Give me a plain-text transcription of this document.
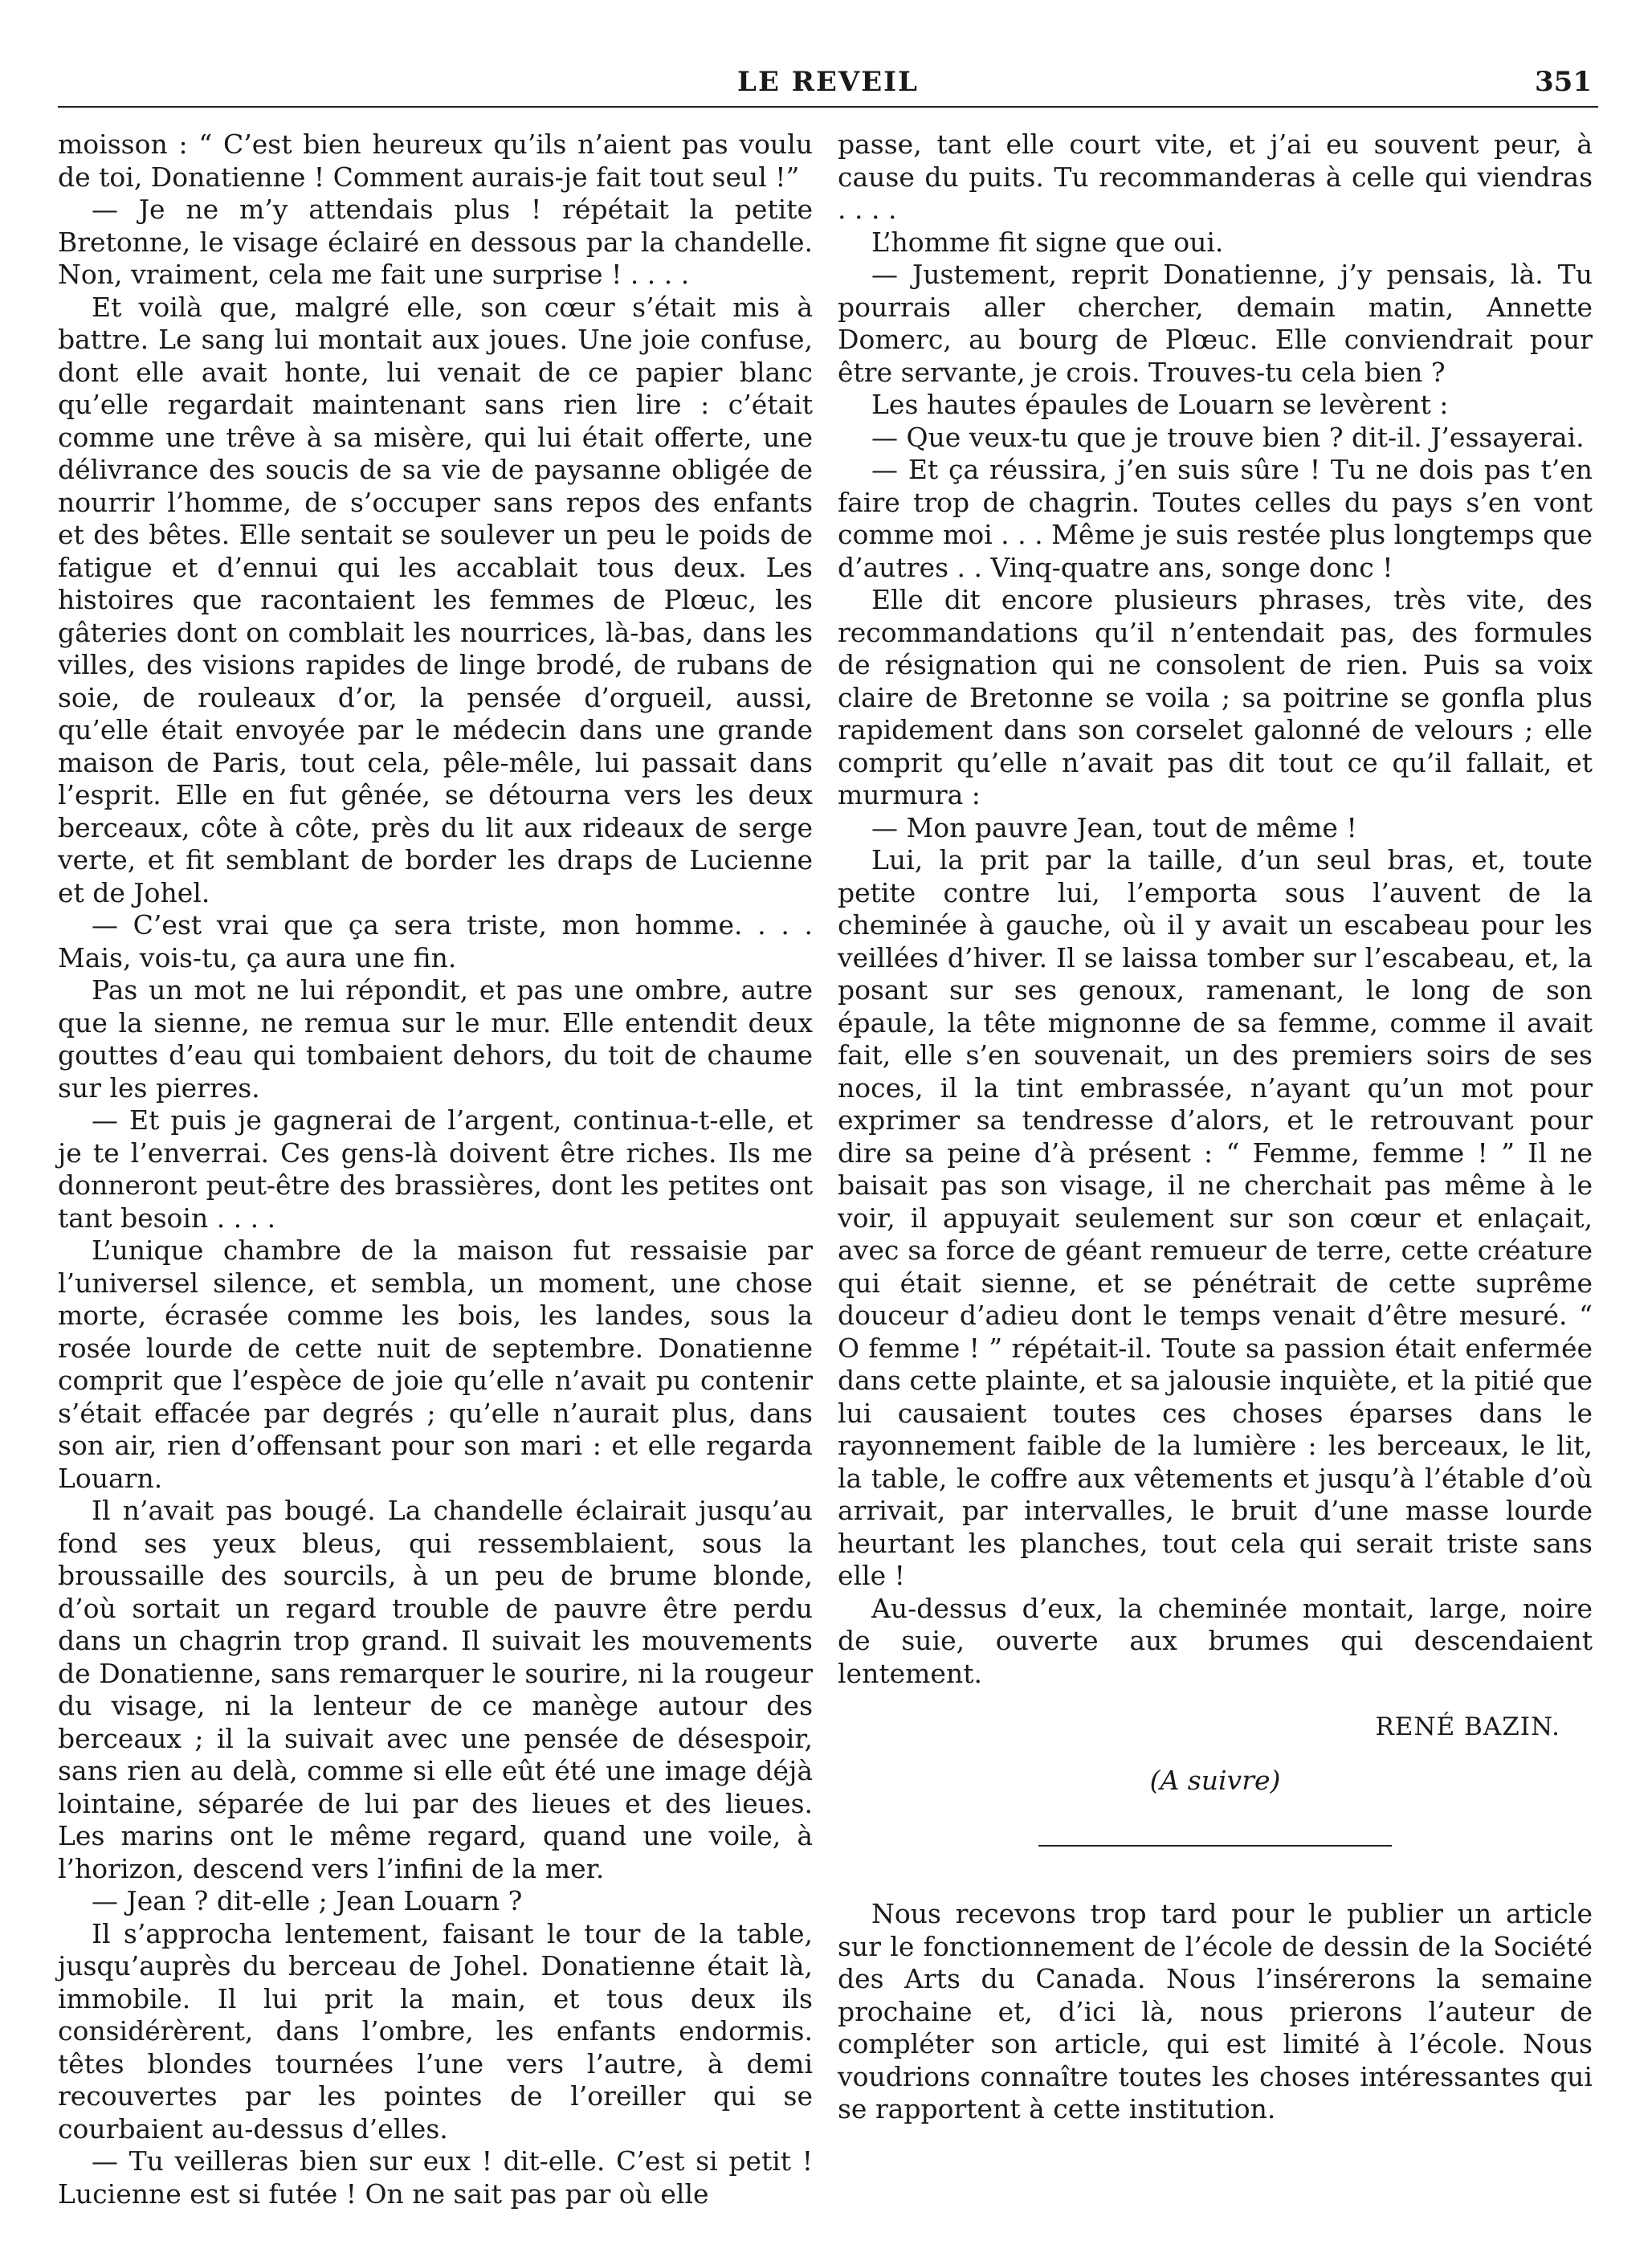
LE REVEIL	351

moisson : “ C’est bien heureux qu’ils n’aient pas voulu de toi, Donatienne ! Comment aurais-je fait tout seul !”

— Je ne m’y attendais plus ! répétait la petite Bretonne, le visage éclairé en dessous par la chandelle. Non, vraiment, cela me fait une surprise ! . . . .

Et voilà que, malgré elle, son cœur s’était mis à battre. Le sang lui montait aux joues. Une joie confuse, dont elle avait honte, lui venait de ce papier blanc qu’elle regardait maintenant sans rien lire : c’était comme une trêve à sa misère, qui lui était offerte, une délivrance des soucis de sa vie de paysanne obligée de nourrir l’homme, de s’occuper sans repos des enfants et des bêtes. Elle sentait se soulever un peu le poids de fatigue et d’ennui qui les accablait tous deux. Les histoires que racontaient les femmes de Plœuc, les gâteries dont on comblait les nourrices, là-bas, dans les villes, des visions rapides de linge brodé, de rubans de soie, de rouleaux d’or, la pensée d’orgueil, aussi, qu’elle était envoyée par le médecin dans une grande maison de Paris, tout cela, pêle-mêle, lui passait dans l’esprit. Elle en fut gênée, se détourna vers les deux berceaux, côte à côte, près du lit aux rideaux de serge verte, et fit semblant de border les draps de Lucienne et de Johel.

— C’est vrai que ça sera triste, mon homme. . . . Mais, vois-tu, ça aura une fin.

Pas un mot ne lui répondit, et pas une ombre, autre que la sienne, ne remua sur le mur. Elle entendit deux gouttes d’eau qui tombaient dehors, du toit de chaume sur les pierres.

— Et puis je gagnerai de l’argent, continua-t-elle, et je te l’enverrai. Ces gens-là doivent être riches. Ils me donneront peut-être des brassières, dont les petites ont tant besoin . . . .

L’unique chambre de la maison fut ressaisie par l’universel silence, et sembla, un moment, une chose morte, écrasée comme les bois, les landes, sous la rosée lourde de cette nuit de septembre. Donatienne comprit que l’espèce de joie qu’elle n’avait pu contenir s’était effacée par degrés ; qu’elle n’aurait plus, dans son air, rien d’offensant pour son mari : et elle regarda Louarn.

Il n’avait pas bougé. La chandelle éclairait jusqu’au fond ses yeux bleus, qui ressemblaient, sous la broussaille des sourcils, à un peu de brume blonde, d’où sortait un regard trouble de pauvre être perdu dans un chagrin trop grand. Il suivait les mouvements de Donatienne, sans remarquer le sourire, ni la rougeur du visage, ni la lenteur de ce manège autour des berceaux ; il la suivait avec une pensée de désespoir, sans rien au delà, comme si elle eût été une image déjà lointaine, séparée de lui par des lieues et des lieues. Les marins ont le même regard, quand une voile, à l’horizon, descend vers l’infini de la mer.

— Jean ? dit-elle ; Jean Louarn ?

Il s’approcha lentement, faisant le tour de la table, jusqu’auprès du berceau de Johel. Donatienne était là, immobile. Il lui prit la main, et tous deux ils considérèrent, dans l’ombre, les enfants endormis. têtes blondes tournées l’une vers l’autre, à demi recouvertes par les pointes de l’oreiller qui se courbaient au-dessus d’elles.

— Tu veilleras bien sur eux ! dit-elle. C’est si petit ! Lucienne est si futée ! On ne sait pas par où elle

passe, tant elle court vite, et j’ai eu souvent peur, à cause du puits. Tu recommanderas à celle qui viendras . . . .

L’homme fit signe que oui.

— Justement, reprit Donatienne, j’y pensais, là. Tu pourrais aller chercher, demain matin, Annette Domerc, au bourg de Plœuc. Elle conviendrait pour être servante, je crois. Trouves-tu cela bien ?

Les hautes épaules de Louarn se levèrent :

— Que veux-tu que je trouve bien ? dit-il. J’essayerai.

— Et ça réussira, j’en suis sûre ! Tu ne dois pas t’en faire trop de chagrin. Toutes celles du pays s’en vont comme moi . . . Même je suis restée plus longtemps que d’autres . . Vinq-quatre ans, songe donc !

Elle dit encore plusieurs phrases, très vite, des recommandations qu’il n’entendait pas, des formules de résignation qui ne consolent de rien. Puis sa voix claire de Bretonne se voila ; sa poitrine se gonfla plus rapidement dans son corselet galonné de velours ; elle comprit qu’elle n’avait pas dit tout ce qu’il fallait, et murmura :

— Mon pauvre Jean, tout de même !

Lui, la prit par la taille, d’un seul bras, et, toute petite contre lui, l’emporta sous l’auvent de la cheminée à gauche, où il y avait un escabeau pour les veillées d’hiver. Il se laissa tomber sur l’escabeau, et, la posant sur ses genoux, ramenant, le long de son épaule, la tête mignonne de sa femme, comme il avait fait, elle s’en souvenait, un des premiers soirs de ses noces, il la tint embrassée, n’ayant qu’un mot pour exprimer sa tendresse d’alors, et le retrouvant pour dire sa peine d’à présent : “ Femme, femme ! ” Il ne baisait pas son visage, il ne cherchait pas même à le voir, il appuyait seulement sur son cœur et enlaçait, avec sa force de géant remueur de terre, cette créature qui était sienne, et se pénétrait de cette suprême douceur d’adieu dont le temps venait d’être mesuré. “ O femme ! ” répétait-il. Toute sa passion était enfermée dans cette plainte, et sa jalousie inquiète, et la pitié que lui causaient toutes ces choses éparses dans le rayonnement faible de la lumière : les berceaux, le lit, la table, le coffre aux vêtements et jusqu’à l’étable d’où arrivait, par intervalles, le bruit d’une masse lourde heurtant les planches, tout cela qui serait triste sans elle !

Au-dessus d’eux, la cheminée montait, large, noire de suie, ouverte aux brumes qui descendaient lentement.

RENÉ BAZIN.
(A suivre)

Nous recevons trop tard pour le publier un article sur le fonctionnement de l’école de dessin de la Société des Arts du Canada. Nous l’insérerons la semaine prochaine et, d’ici là, nous prierons l’auteur de compléter son article, qui est limité à l’école. Nous voudrions connaître toutes les choses intéressantes qui se rapportent à cette institution.
